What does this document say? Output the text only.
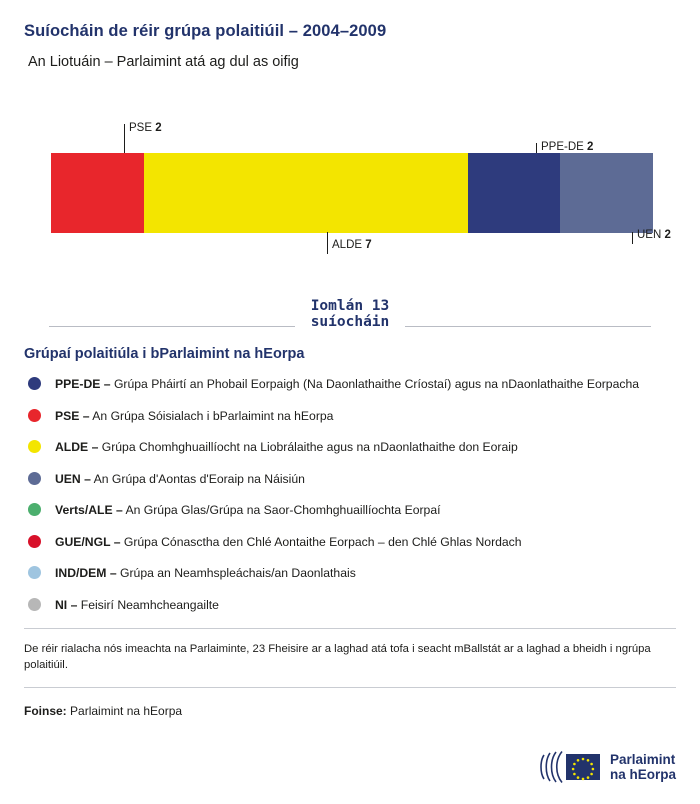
Suíocháin de réir grúpa polaitiúil – 2004–2009
An Liotuáin – Parlaimint atá ag dul as oifig
PSE 2
PPE-DE 2
ALDE 7
UEN 2
Iomlán 13
suíocháin
Grúpaí polaitiúla i bParlaimint na hEorpa
PPE-DE – Grúpa Pháirtí an Phobail Eorpaigh (Na Daonlathaithe Críostaí) agus na nDaonlathaithe Eorpacha
PSE – An Grúpa Sóisialach i bParlaimint na hEorpa
ALDE – Grúpa Chomhghuaillíocht na Liobrálaithe agus na nDaonlathaithe don Eoraip
UEN – An Grúpa d'Aontas d'Eoraip na Náisiún
Verts/ALE – An Grúpa Glas/Grúpa na Saor-Chomhghuaillíochta Eorpaí
GUE/NGL – Grúpa Cónasctha den Chlé Aontaithe Eorpach – den Chlé Ghlas Nordach
IND/DEM – Grúpa an Neamhspleáchais/an Daonlathais
NI – Feisirí Neamhcheangailte
De réir rialacha nós imeachta na Parlaiminte, 23 Fheisire ar a laghad atá tofa i seacht mBallstát ar a laghad a bheidh i ngrúpa polaitiúil.
Foinse: Parlaimint na hEorpa
Parlaimint
na hEorpa
